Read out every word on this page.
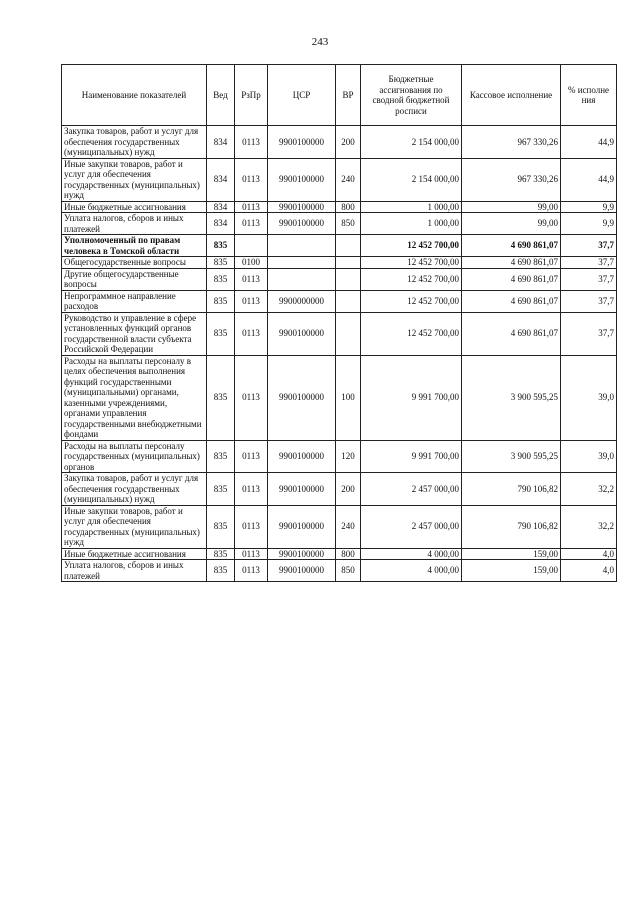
243
Наименование показателей	Вед	РзПр	ЦСР	ВР	Бюджетные ассигнования по сводной бюджетной росписи	Кассовое исполнение	% исполне ния
Закупка товаров, работ и услуг для обеспечения государственных (муниципальных) нужд	834	0113	9900100000	200	2 154 000,00	967 330,26	44,9
Иные закупки товаров, работ и услуг для обеспечения государственных (муниципальных) нужд	834	0113	9900100000	240	2 154 000,00	967 330,26	44,9
Иные бюджетные ассигнования	834	0113	9900100000	800	1 000,00	99,00	9,9
Уплата налогов, сборов и иных платежей	834	0113	9900100000	850	1 000,00	99,00	9,9
Уполномоченный по правам человека в Томской области	835				12 452 700,00	4 690 861,07	37,7
Общегосударственные вопросы	835	0100			12 452 700,00	4 690 861,07	37,7
Другие общегосударственные вопросы	835	0113			12 452 700,00	4 690 861,07	37,7
Непрограммное направление расходов	835	0113	9900000000		12 452 700,00	4 690 861,07	37,7
Руководство и управление в сфере установленных функций органов государственной власти субъекта Российской Федерации	835	0113	9900100000		12 452 700,00	4 690 861,07	37,7
Расходы на выплаты персоналу в целях обеспечения выполнения функций государственными (муниципальными) органами, казенными учреждениями, органами управления государственными внебюджетными фондами	835	0113	9900100000	100	9 991 700,00	3 900 595,25	39,0
Расходы на выплаты персоналу государственных (муниципальных) органов	835	0113	9900100000	120	9 991 700,00	3 900 595,25	39,0
Закупка товаров, работ и услуг для обеспечения государственных (муниципальных) нужд	835	0113	9900100000	200	2 457 000,00	790 106,82	32,2
Иные закупки товаров, работ и услуг для обеспечения государственных (муниципальных) нужд	835	0113	9900100000	240	2 457 000,00	790 106,82	32,2
Иные бюджетные ассигнования	835	0113	9900100000	800	4 000,00	159,00	4,0
Уплата налогов, сборов и иных платежей	835	0113	9900100000	850	4 000,00	159,00	4,0
